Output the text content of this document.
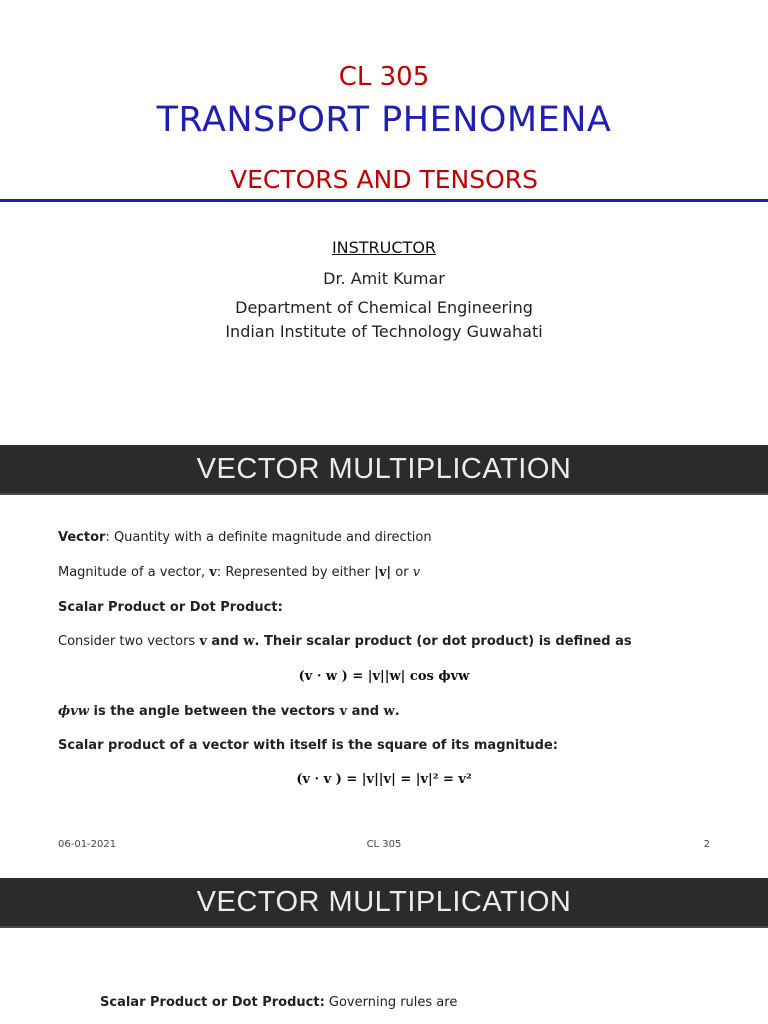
CL 305
TRANSPORT PHENOMENA
VECTORS AND TENSORS
INSTRUCTOR
Dr. Amit Kumar
Department of Chemical Engineering
Indian Institute of Technology Guwahati
VECTOR MULTIPLICATION
Vector: Quantity with a definite magnitude and direction
Magnitude of a vector, v: Represented by either |v| or v
Scalar Product or Dot Product:
Consider two vectors v and w. Their scalar product (or dot product) is defined as
(v · w ) = |v||w| cos ϕvw
ϕvw is the angle between the vectors v and w.
Scalar product of a vector with itself is the square of its magnitude:
(v · v ) = |v||v| = |v|² = v²
06-01-2021	CL 305	2
VECTOR MULTIPLICATION
Scalar Product or Dot Product: Governing rules are
